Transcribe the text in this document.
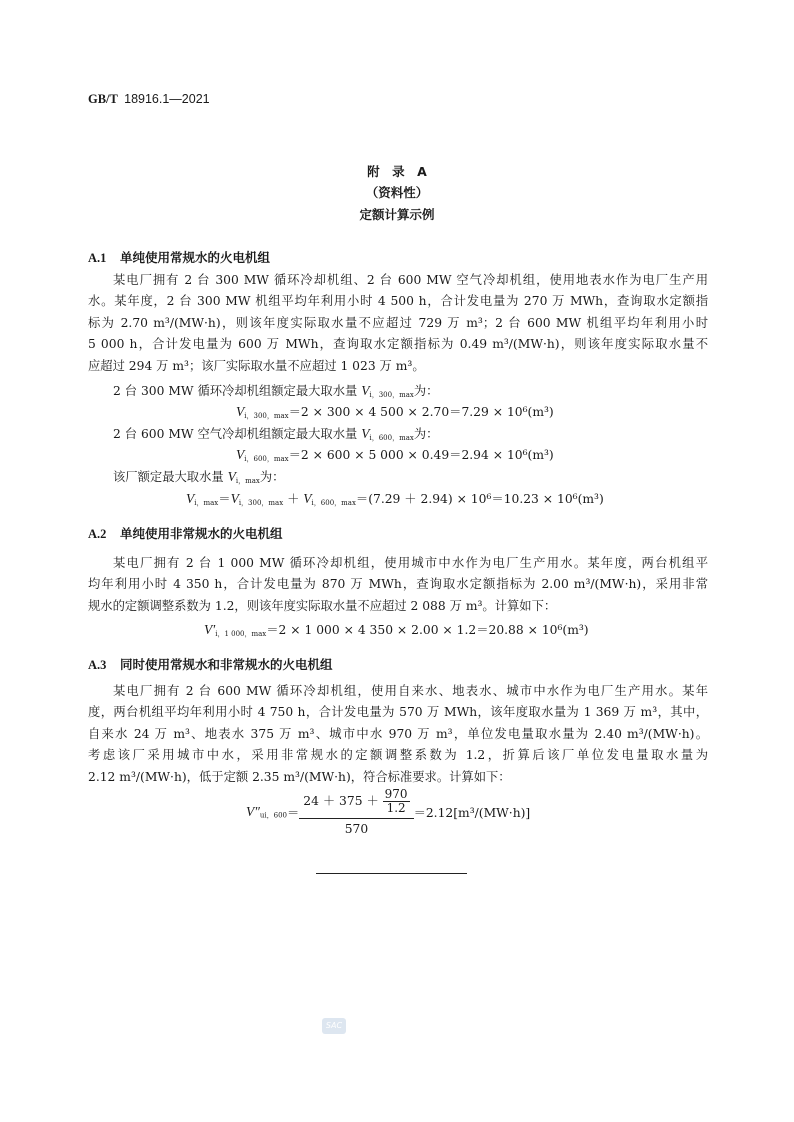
GB/T 18916.1—2021
附　录　A
（资料性）
定额计算示例
A.1 单纯使用常规水的火电机组
某电厂拥有 2 台 300 MW 循环冷却机组、2 台 600 MW 空气冷却机组，使用地表水作为电厂生产用
水。某年度，2 台 300 MW 机组平均年利用小时 4 500 h，合计发电量为 270 万 MWh，查询取水定额指
标为 2.70 m³/(MW·h)，则该年度实际取水量不应超过 729 万 m³；2 台 600 MW 机组平均年利用小时
5 000 h，合计发电量为 600 万 MWh，查询取水定额指标为 0.49 m³/(MW·h)，则该年度实际取水量不
应超过 294 万 m³；该厂实际取水量不应超过 1 023 万 m³。
2 台 300 MW 循环冷却机组额定最大取水量 $V_{i,300,max}$为：
$V_{i,300,max}=2 \times 300 \times 4$ 500 × 2.70＝7.29 × 10⁶(m³)
2 台 600 MW 空气冷却机组额定最大取水量 $V_{i,600,max}$为：
$V_{i,600,max}=2 \times 600 \times 5$ 000 × 0.49＝2.94 × 10⁶(m³)
该厂额定最大取水量 $V_{i,max}$为：
$V_{i,max}=V_{i,300,max} + V_{i,600,max}=(7.29 + 2.94) \times 10^6=10.23 \times 10^6(m^3)$
A.2 单纯使用非常规水的火电机组
某电厂拥有 2 台 1 000 MW 循环冷却机组，使用城市中水作为电厂生产用水。某年度，两台机组平
均年利用小时 4 350 h，合计发电量为 870 万 MWh，查询取水定额指标为 2.00 m³/(MW·h)，采用非常
规水的定额调整系数为 1.2，则该年度实际取水量不应超过 2 088 万 m³。计算如下：
$V'_{i,1 000,max}=2 \times 1$ 000 × 4 350 × 2.00 × 1.2＝20.88 × 10⁶(m³)
A.3 同时使用常规水和非常规水的火电机组
某电厂拥有 2 台 600 MW 循环冷却机组，使用自来水、地表水、城市中水作为电厂生产用水。某年
度，两台机组平均年利用小时 4 750 h，合计发电量为 570 万 MWh，该年度取水量为 1 369 万 m³，其中，
自来水 24 万 m³、地表水 375 万 m³、城市中水 970 万 m³，单位发电量取水量为 2.40 m³/(MW·h)。
考虑该厂采用城市中水，采用非常规水的定额调整系数为 1.2，折算后该厂单位发电量取水量为
2.12 m³/(MW·h)，低于定额 2.35 m³/(MW·h)，符合标准要求。计算如下：
$V''_{ui,600}= \frac{24 + 375 + \frac{970}{1.2}}{570} =2.12[m^3/(MW\cdot h)]$
SAC
